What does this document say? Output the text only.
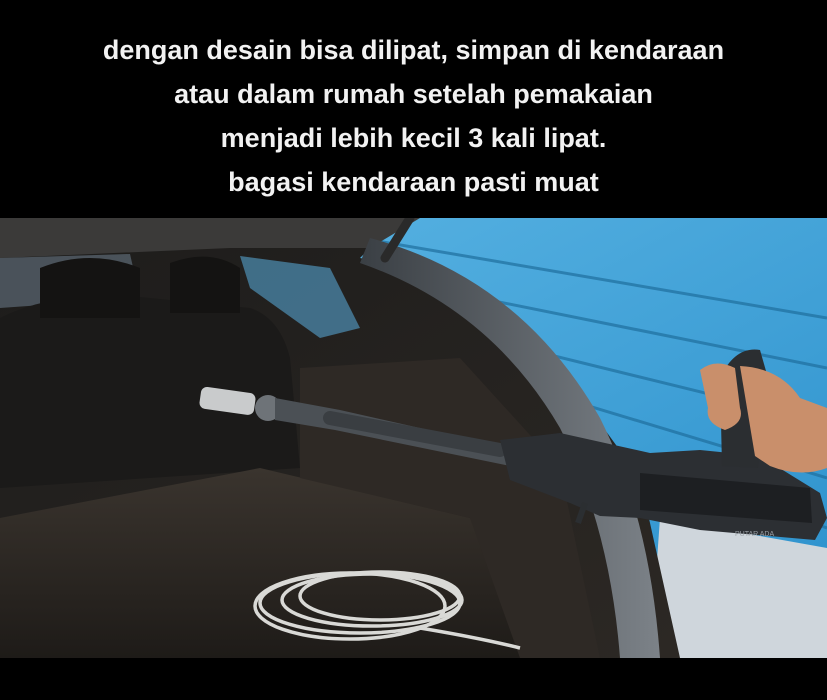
dengan desain bisa dilipat, simpan di kendaraan
atau dalam rumah setelah pemakaian
menjadi lebih kecil 3 kali lipat.
bagasi kendaraan pasti muat
PUTAR ADA
